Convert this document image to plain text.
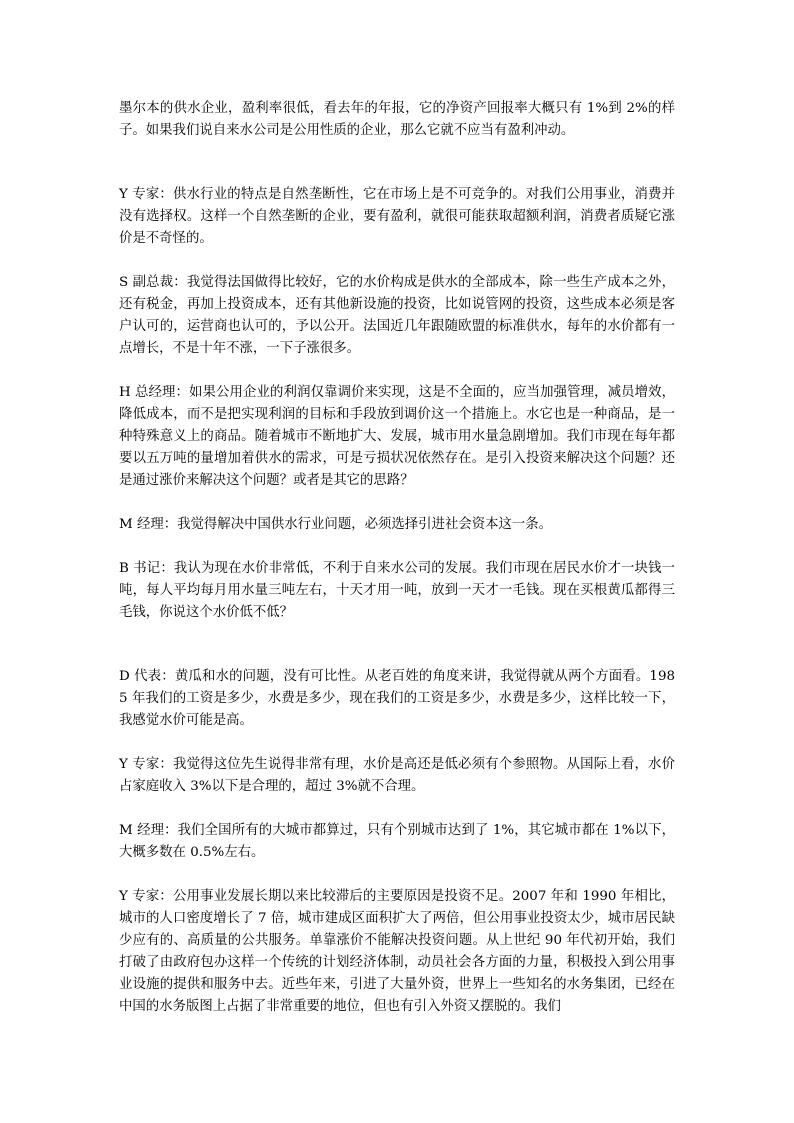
墨尔本的供水企业，盈利率很低，看去年的年报，它的净资产回报率大概只有 1%到 2%的样子。如果我们说自来水公司是公用性质的企业，那么它就不应当有盈利冲动。

Y 专家：供水行业的特点是自然垄断性，它在市场上是不可竞争的。对我们公用事业，消费并没有选择权。这样一个自然垄断的企业，要有盈利，就很可能获取超额利润，消费者质疑它涨价是不奇怪的。

S 副总裁：我觉得法国做得比较好，它的水价构成是供水的全部成本，除一些生产成本之外，还有税金，再加上投资成本，还有其他新设施的投资，比如说管网的投资，这些成本必须是客户认可的，运营商也认可的，予以公开。法国近几年跟随欧盟的标准供水，每年的水价都有一点增长，不是十年不涨，一下子涨很多。

H 总经理：如果公用企业的利润仅靠调价来实现，这是不全面的，应当加强管理，减员增效，降低成本，而不是把实现利润的目标和手段放到调价这一个措施上。水它也是一种商品，是一种特殊意义上的商品。随着城市不断地扩大、发展，城市用水量急剧增加。我们市现在每年都要以五万吨的量增加着供水的需求，可是亏损状况依然存在。是引入投资来解决这个问题？还是通过涨价来解决这个问题？或者是其它的思路？

M 经理：我觉得解决中国供水行业问题，必须选择引进社会资本这一条。

B 书记：我认为现在水价非常低，不利于自来水公司的发展。我们市现在居民水价才一块钱一吨，每人平均每月用水量三吨左右，十天才用一吨，放到一天才一毛钱。现在买根黄瓜都得三毛钱，你说这个水价低不低？

D 代表：黄瓜和水的问题，没有可比性。从老百姓的角度来讲，我觉得就从两个方面看。1985 年我们的工资是多少，水费是多少，现在我们的工资是多少，水费是多少，这样比较一下，我感觉水价可能是高。

Y 专家：我觉得这位先生说得非常有理，水价是高还是低必须有个参照物。从国际上看，水价占家庭收入 3%以下是合理的，超过 3%就不合理。

M 经理：我们全国所有的大城市都算过，只有个别城市达到了 1%，其它城市都在 1%以下，大概多数在 0.5%左右。

Y 专家：公用事业发展长期以来比较滞后的主要原因是投资不足。2007 年和 1990 年相比，城市的人口密度增长了 7 倍，城市建成区面积扩大了两倍，但公用事业投资太少，城市居民缺少应有的、高质量的公共服务。单靠涨价不能解决投资问题。从上世纪 90 年代初开始，我们打破了由政府包办这样一个传统的计划经济体制，动员社会各方面的力量，积极投入到公用事业设施的提供和服务中去。近些年来，引进了大量外资，世界上一些知名的水务集团，已经在中国的水务版图上占据了非常重要的地位，但也有引入外资又摆脱的。我们
